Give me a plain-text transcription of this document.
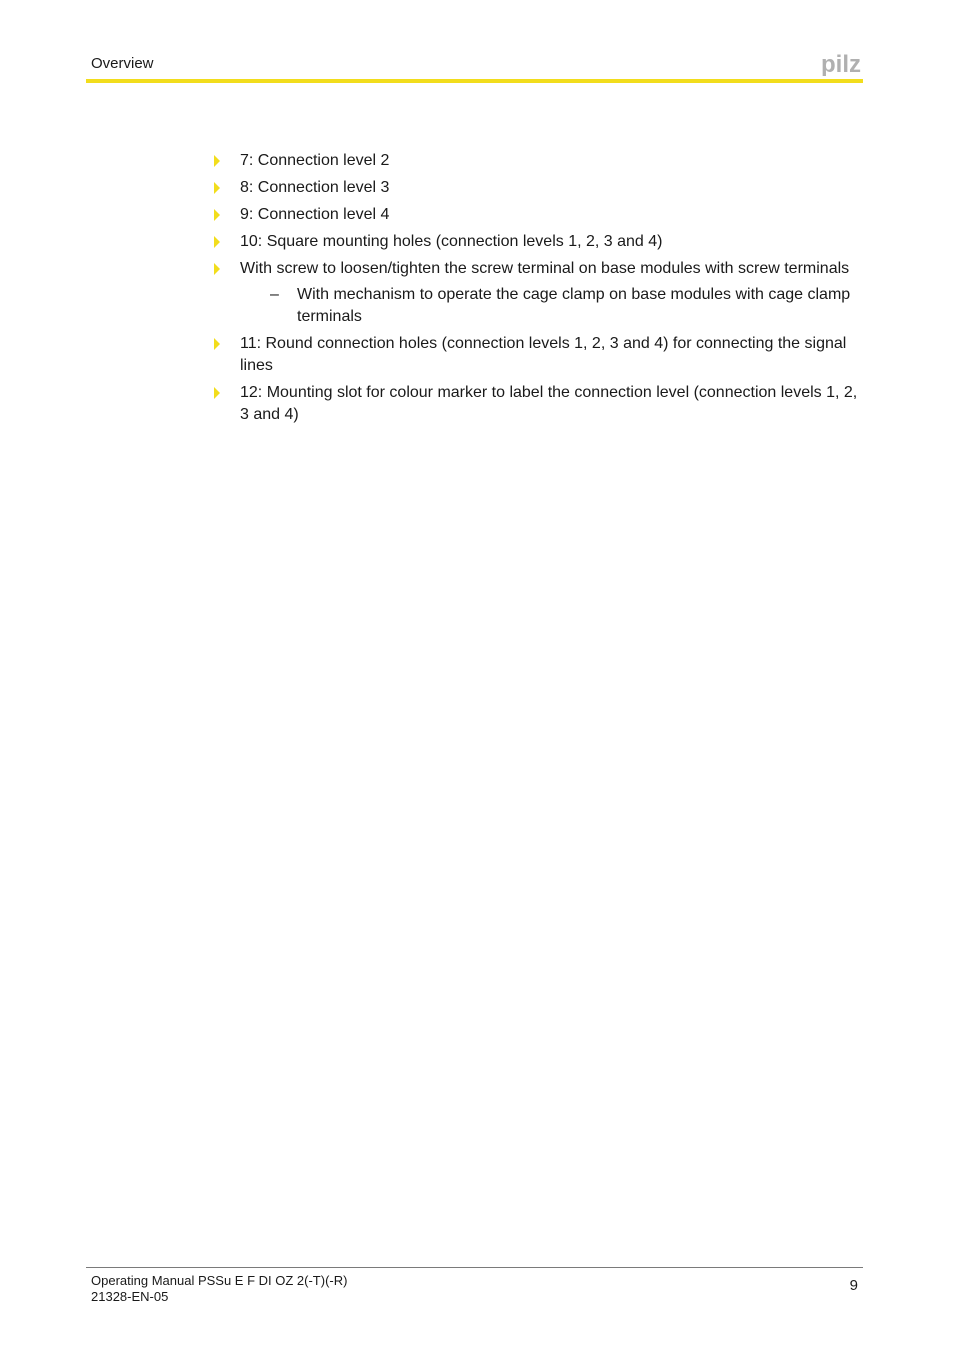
Overview	pilz
7: Connection level 2
8: Connection level 3
9: Connection level 4
10: Square mounting holes (connection levels 1, 2, 3 and 4)
With screw to loosen/tighten the screw terminal on base modules with screw terminals
– With mechanism to operate the cage clamp on base modules with cage clamp terminals
11: Round connection holes (connection levels 1, 2, 3 and 4) for connecting the signal lines
12: Mounting slot for colour marker to label the connection level (connection levels 1, 2, 3 and 4)
Operating Manual PSSu E F DI OZ 2(-T)(-R)
21328-EN-05
9
